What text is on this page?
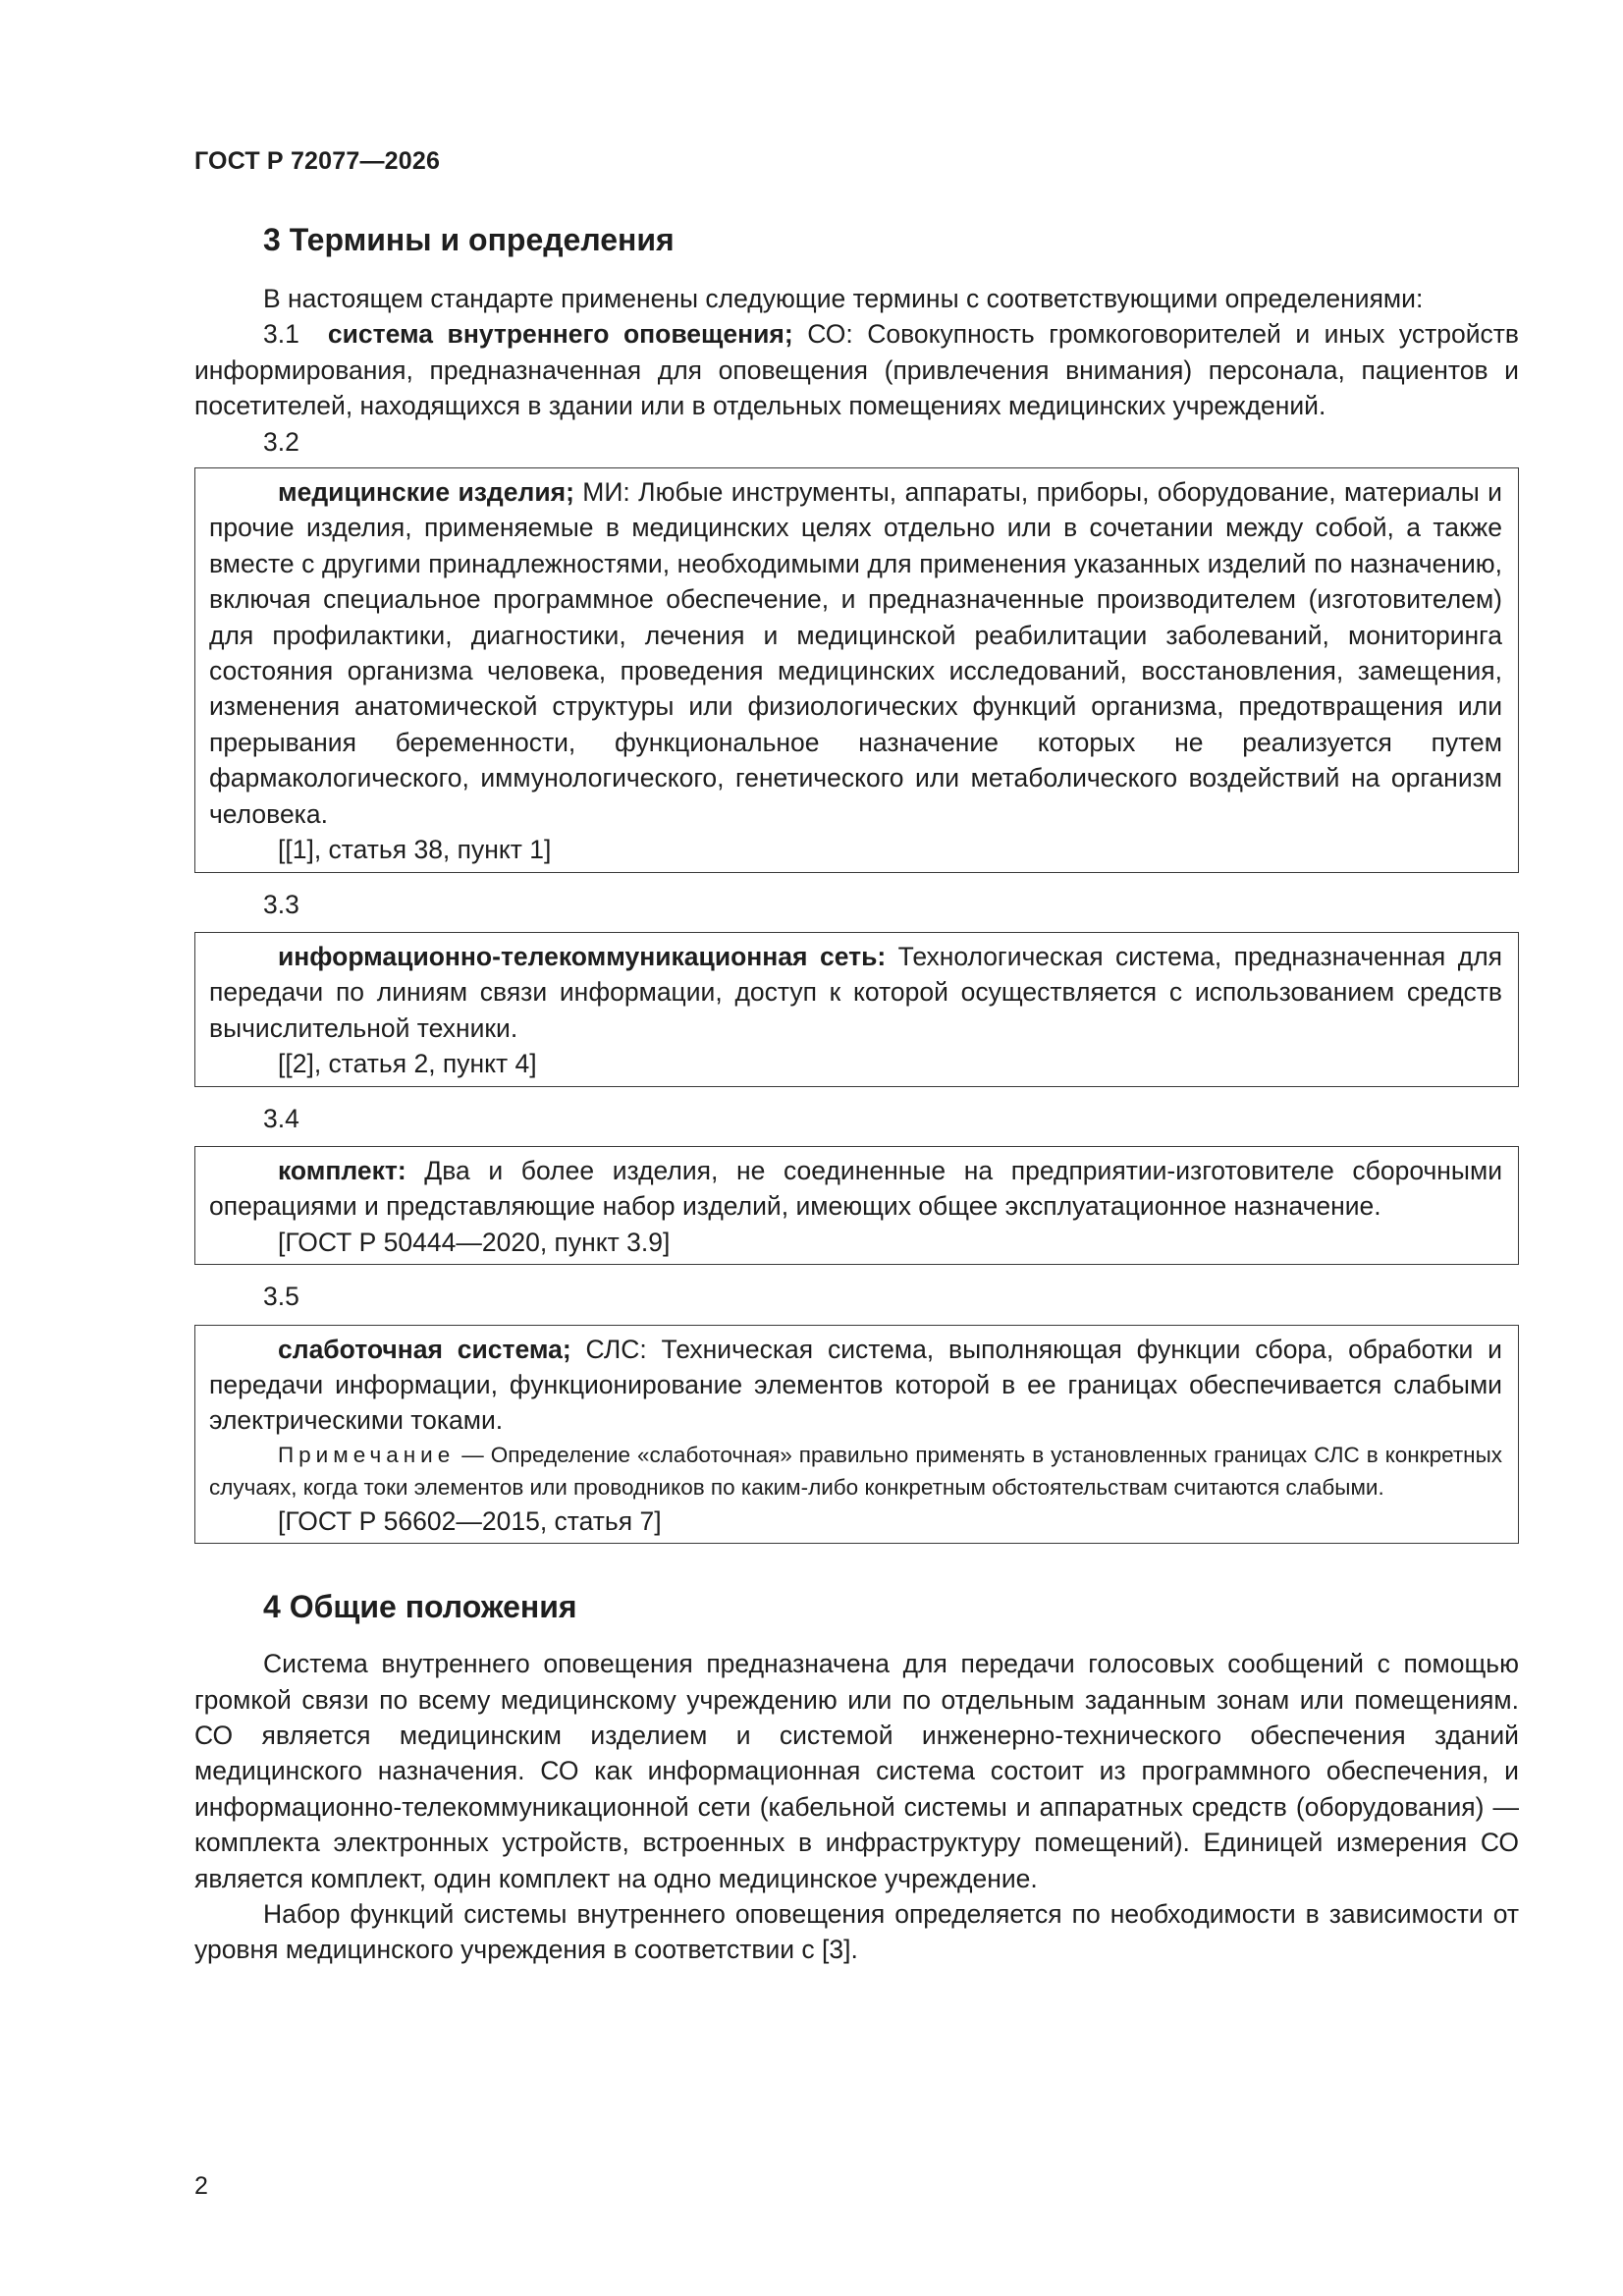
ГОСТ Р 72077—2026
3 Термины и определения

В настоящем стандарте применены следующие термины с соответствующими определениями:

3.1 система внутреннего оповещения; СО: Совокупность громкоговорителей и иных устройств информирования, предназначенная для оповещения (привлечения внимания) персонала, пациентов и посетителей, находящихся в здании или в отдельных помещениях медицинских учреждений.

3.2

медицинские изделия; МИ: Любые инструменты, аппараты, приборы, оборудование, материалы и прочие изделия, применяемые в медицинских целях отдельно или в сочетании между собой, а также вместе с другими принадлежностями, необходимыми для применения указанных изделий по назначению, включая специальное программное обеспечение, и предназначенные производителем (изготовителем) для профилактики, диагностики, лечения и медицинской реабилитации заболеваний, мониторинга состояния организма человека, проведения медицинских исследований, восстановления, замещения, изменения анатомической структуры или физиологических функций организма, предотвращения или прерывания беременности, функциональное назначение которых не реализуется путем фармакологического, иммунологического, генетического или метаболического воздействий на организм человека.

[[1], статья 38, пункт 1]
3.3

информационно-телекоммуникационная сеть: Технологическая система, предназначенная для передачи по линиям связи информации, доступ к которой осуществляется с использованием средств вычислительной техники.

[[2], статья 2, пункт 4]
3.4

комплект: Два и более изделия, не соединенные на предприятии-изготовителе сборочными операциями и представляющие набор изделий, имеющих общее эксплуатационное назначение.

[ГОСТ Р 50444—2020, пункт 3.9]
3.5

слаботочная система; СЛС: Техническая система, выполняющая функции сбора, обработки и передачи информации, функционирование элементов которой в ее границах обеспечивается слабыми электрическими токами.

Примечание — Определение «слаботочная» правильно применять в установленных границах СЛС в конкретных случаях, когда токи элементов или проводников по каким-либо конкретным обстоятельствам считаются слабыми.

[ГОСТ Р 56602—2015, статья 7]
4 Общие положения

Система внутреннего оповещения предназначена для передачи голосовых сообщений с помощью громкой связи по всему медицинскому учреждению или по отдельным заданным зонам или помещениям. СО является медицинским изделием и системой инженерно-технического обеспечения зданий медицинского назначения. СО как информационная система состоит из программного обеспечения, и информационно-телекоммуникационной сети (кабельной системы и аппаратных средств (оборудования) — комплекта электронных устройств, встроенных в инфраструктуру помещений). Единицей измерения СО является комплект, один комплект на одно медицинское учреждение.

Набор функций системы внутреннего оповещения определяется по необходимости в зависимости от уровня медицинского учреждения в соответствии с [3].

2
